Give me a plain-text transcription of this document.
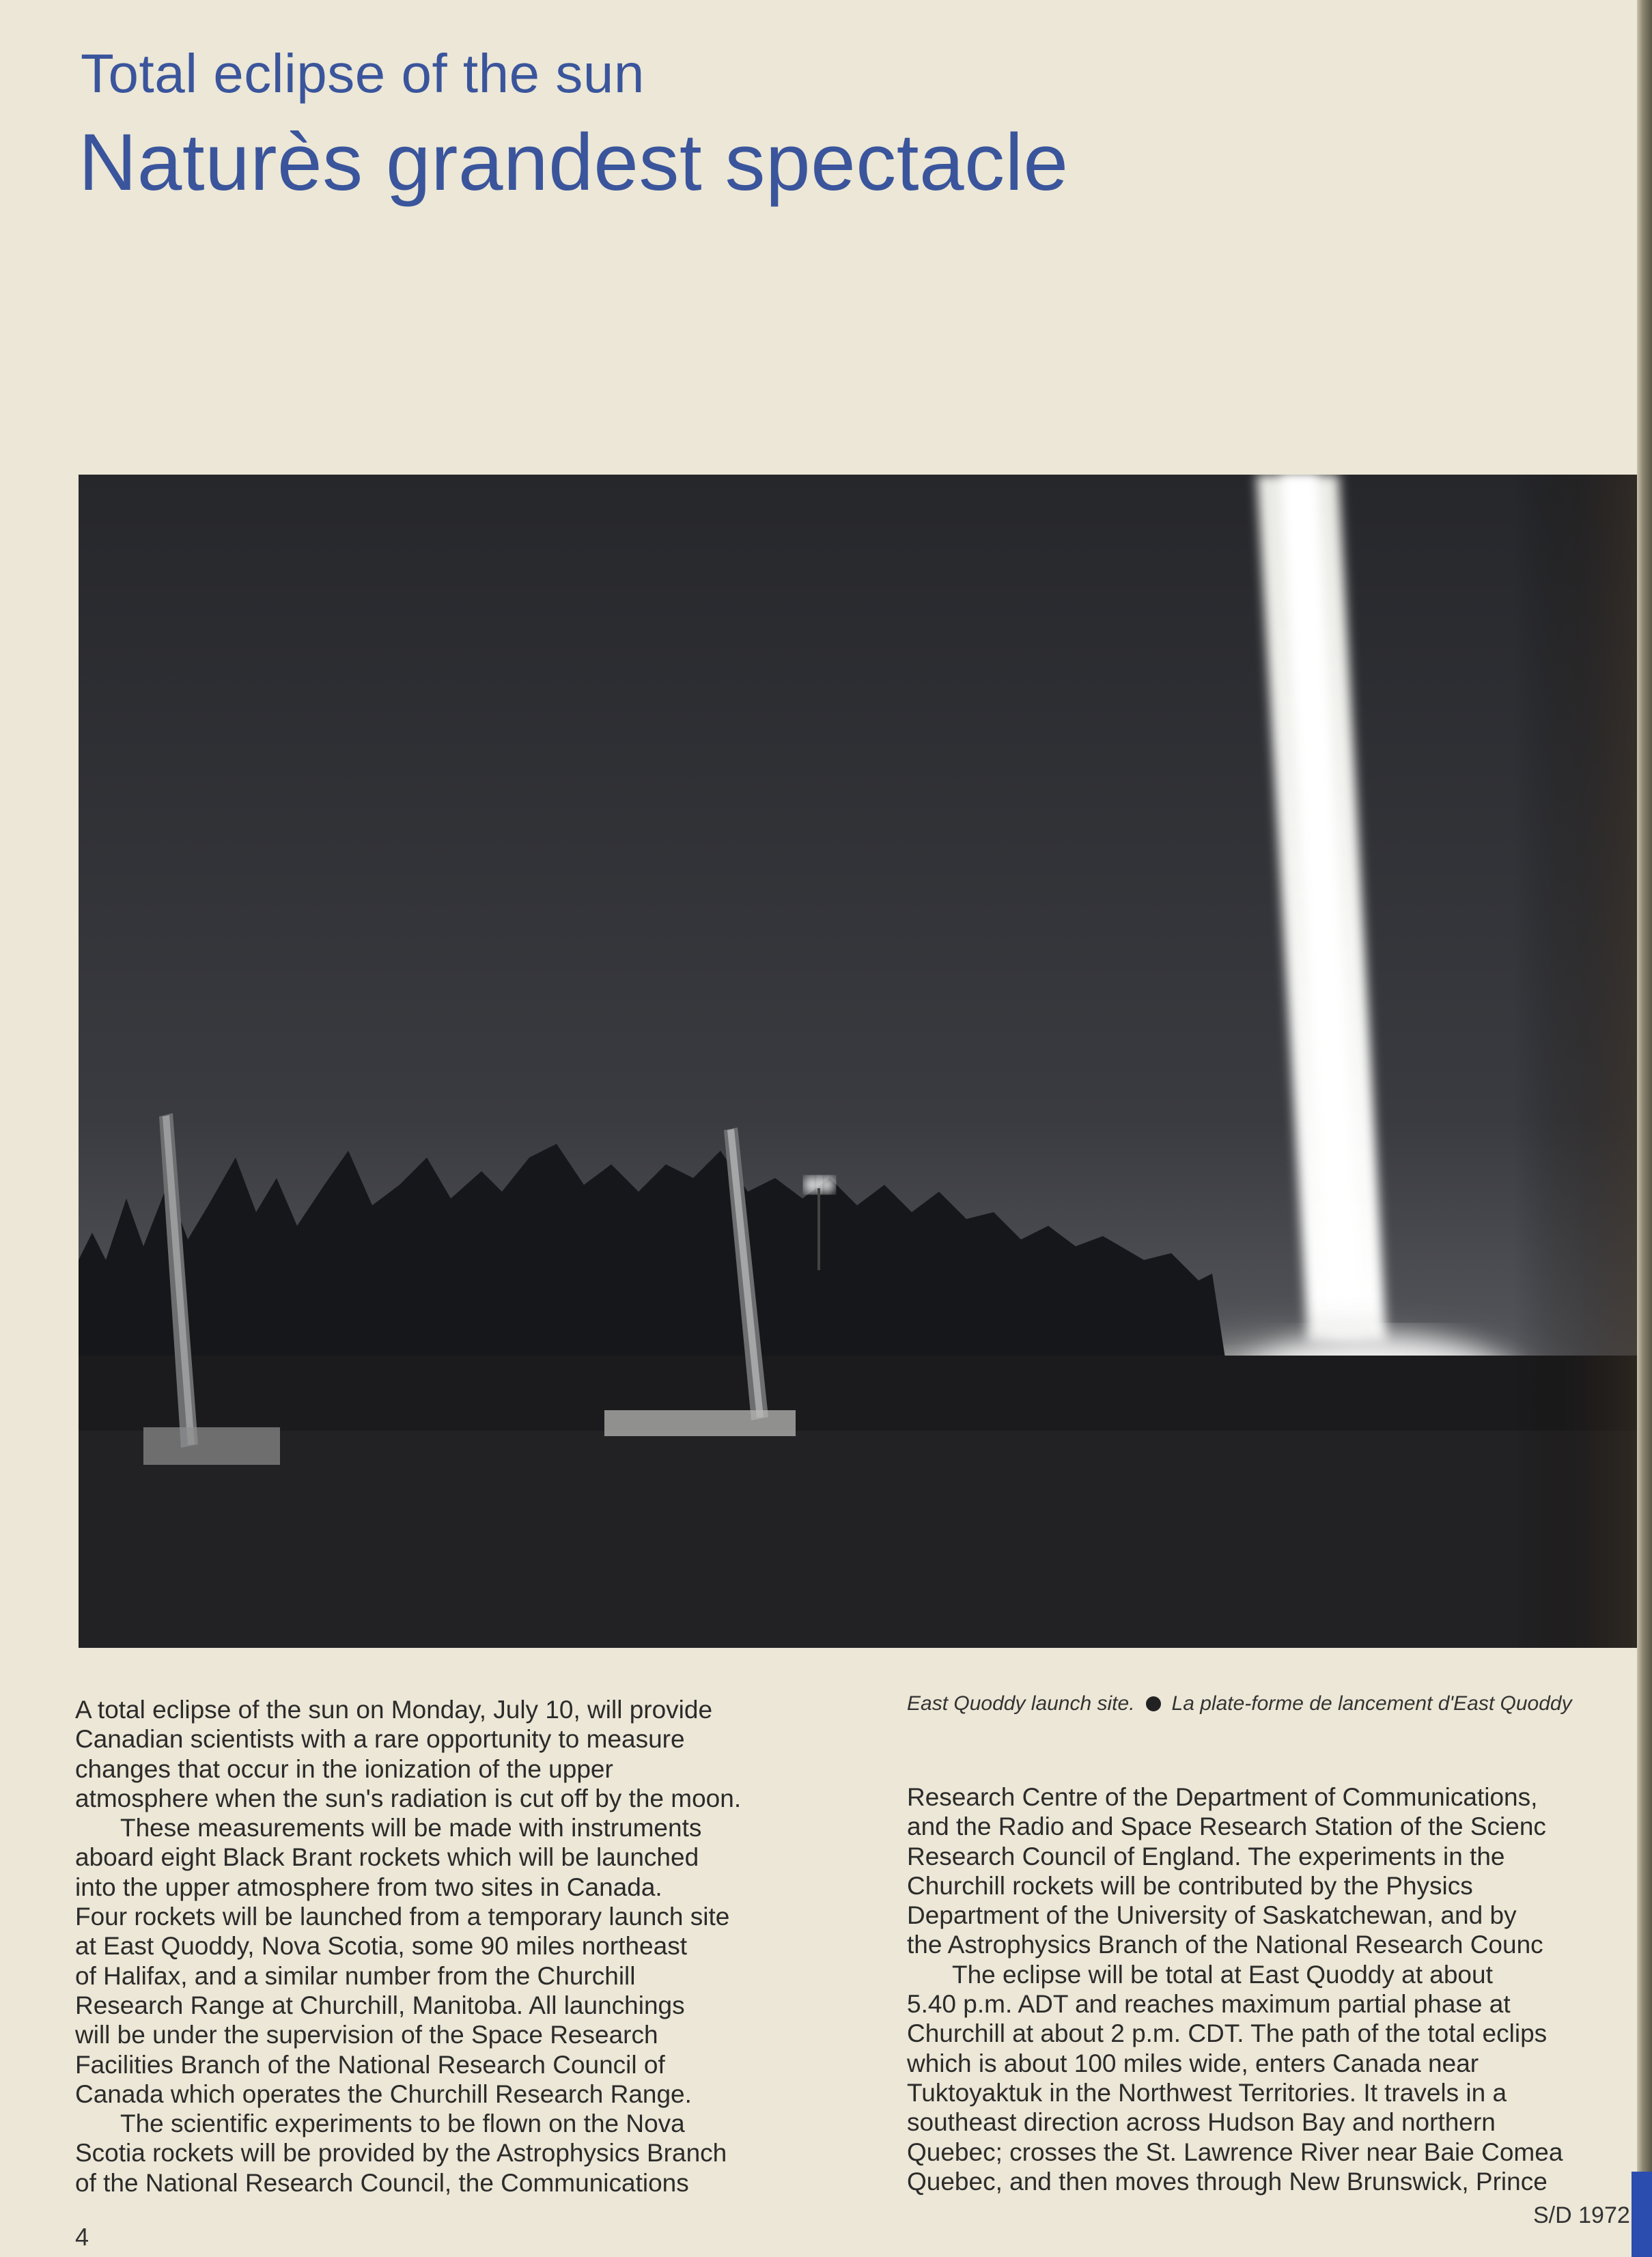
Total eclipse of the sun
Naturès grandest spectacle
East Quoddy launch site. La plate-forme de lancement d'East Quoddy

A total eclipse of the sun on Monday, July 10, will provide
Canadian scientists with a rare opportunity to measure
changes that occur in the ionization of the upper
atmosphere when the sun's radiation is cut off by the moon.

These measurements will be made with instruments
aboard eight Black Brant rockets which will be launched
into the upper atmosphere from two sites in Canada.
Four rockets will be launched from a temporary launch site
at East Quoddy, Nova Scotia, some 90 miles northeast
of Halifax, and a similar number from the Churchill
Research Range at Churchill, Manitoba. All launchings
will be under the supervision of the Space Research
Facilities Branch of the National Research Council of
Canada which operates the Churchill Research Range.

The scientific experiments to be flown on the Nova
Scotia rockets will be provided by the Astrophysics Branch
of the National Research Council, the Communications

Research Centre of the Department of Communications,
and the Radio and Space Research Station of the Scienc
Research Council of England. The experiments in the
Churchill rockets will be contributed by the Physics
Department of the University of Saskatchewan, and by
the Astrophysics Branch of the National Research Counc

The eclipse will be total at East Quoddy at about
5.40 p.m. ADT and reaches maximum partial phase at
Churchill at about 2 p.m. CDT. The path of the total eclips
which is about 100 miles wide, enters Canada near
Tuktoyaktuk in the Northwest Territories. It travels in a
southeast direction across Hudson Bay and northern
Quebec; crosses the St. Lawrence River near Baie Comea
Quebec, and then moves through New Brunswick, Prince

4
S/D 1972
